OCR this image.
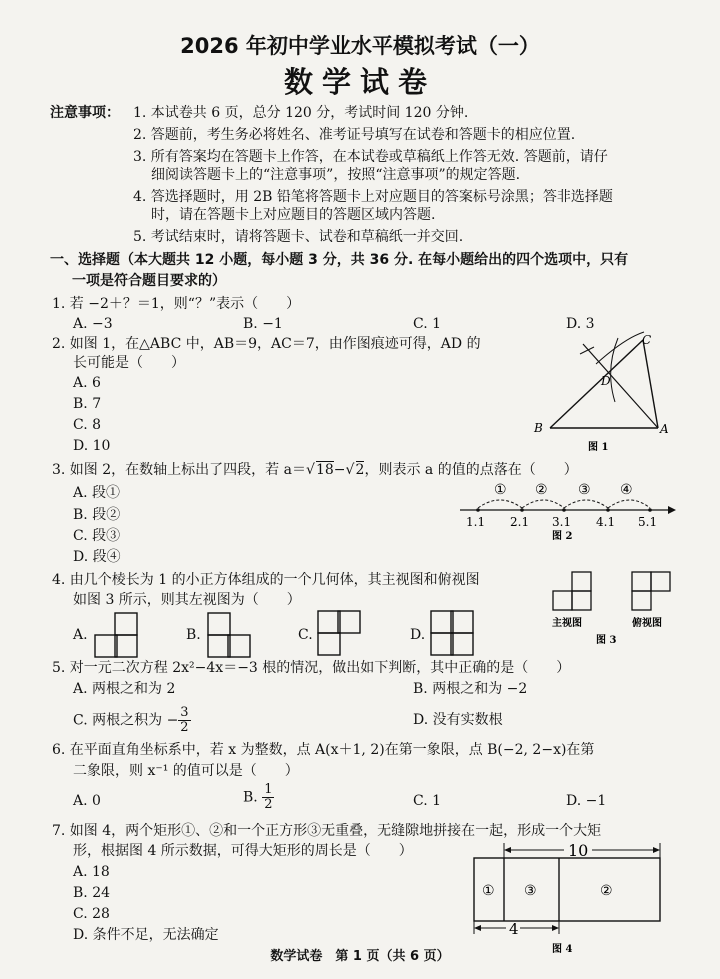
2026 年初中学业水平模拟考试（一）
数学试卷
注意事项： 1. 本试卷共 6 页，总分 120 分，考试时间 120 分钟.
2. 答题前，考生务必将姓名、准考证号填写在试卷和答题卡的相应位置.
3. 所有答案均在答题卡上作答，在本试卷或草稿纸上作答无效. 答题前，请仔
细阅读答题卡上的“注意事项”，按照“注意事项”的规定答题.
4. 答选择题时，用 2B 铅笔将答题卡上对应题目的答案标号涂黑；答非选择题
时，请在答题卡上对应题目的答题区域内答题.
5. 考试结束时，请将答题卡、试卷和草稿纸一并交回.
一、选择题（本大题共 12 小题，每小题 3 分，共 36 分. 在每小题给出的四个选项中，只有
一项是符合题目要求的）
1. 若 −2＋？＝1，则“？”表示（　　）
A. −3	B. −1	C. 1	D. 3
2. 如图 1，在△ABC 中，AB＝9，AC＝7，由作图痕迹可得，AD 的
长可能是（　　）
A. 6
B. 7
C. 8
D. 10
B	A
C
D
图 1
3. 如图 2，在数轴上标出了四段，若 a＝ √ 18− √ 2，则表示 a 的值的点落在（　　）
A. 段①
B. 段②
C. 段③
D. 段④
① ② ③ ④
1.1 2.1 3.1 4.1 5.1
图 2
4. 由几个棱长为 1 的小正方体组成的一个几何体，其主视图和俯视图
如图 3 所示，则其左视图为（　　）
A.	B.	C.	D.
主视图	俯视图
图 3
5. 对一元二次方程 2x²−4x＝−3 根的情况，做出如下判断，其中正确的是（　　）
A. 两根之和为 2	B. 两根之和为 −2
C. 两根之积为 − $\frac{3}{2}$	D. 没有实数根
6. 在平面直角坐标系中，若 x 为整数，点 A(x＋1, 2)在第一象限，点 B(−2, 2−x)在第
二象限，则 x⁻¹ 的值可以是（　　）
A. 0	B. $\frac{1}{2}$	C. 1	D. −1
7. 如图 4，两个矩形①、②和一个正方形③无重叠，无缝隙地拼接在一起，形成一个大矩
形，根据图 4 所示数据，可得大矩形的周长是（　　）
A. 18
B. 24
C. 28
D. 条件不足，无法确定
① ③	②
10
4
图 4
数学试卷　第 1 页（共 6 页）
